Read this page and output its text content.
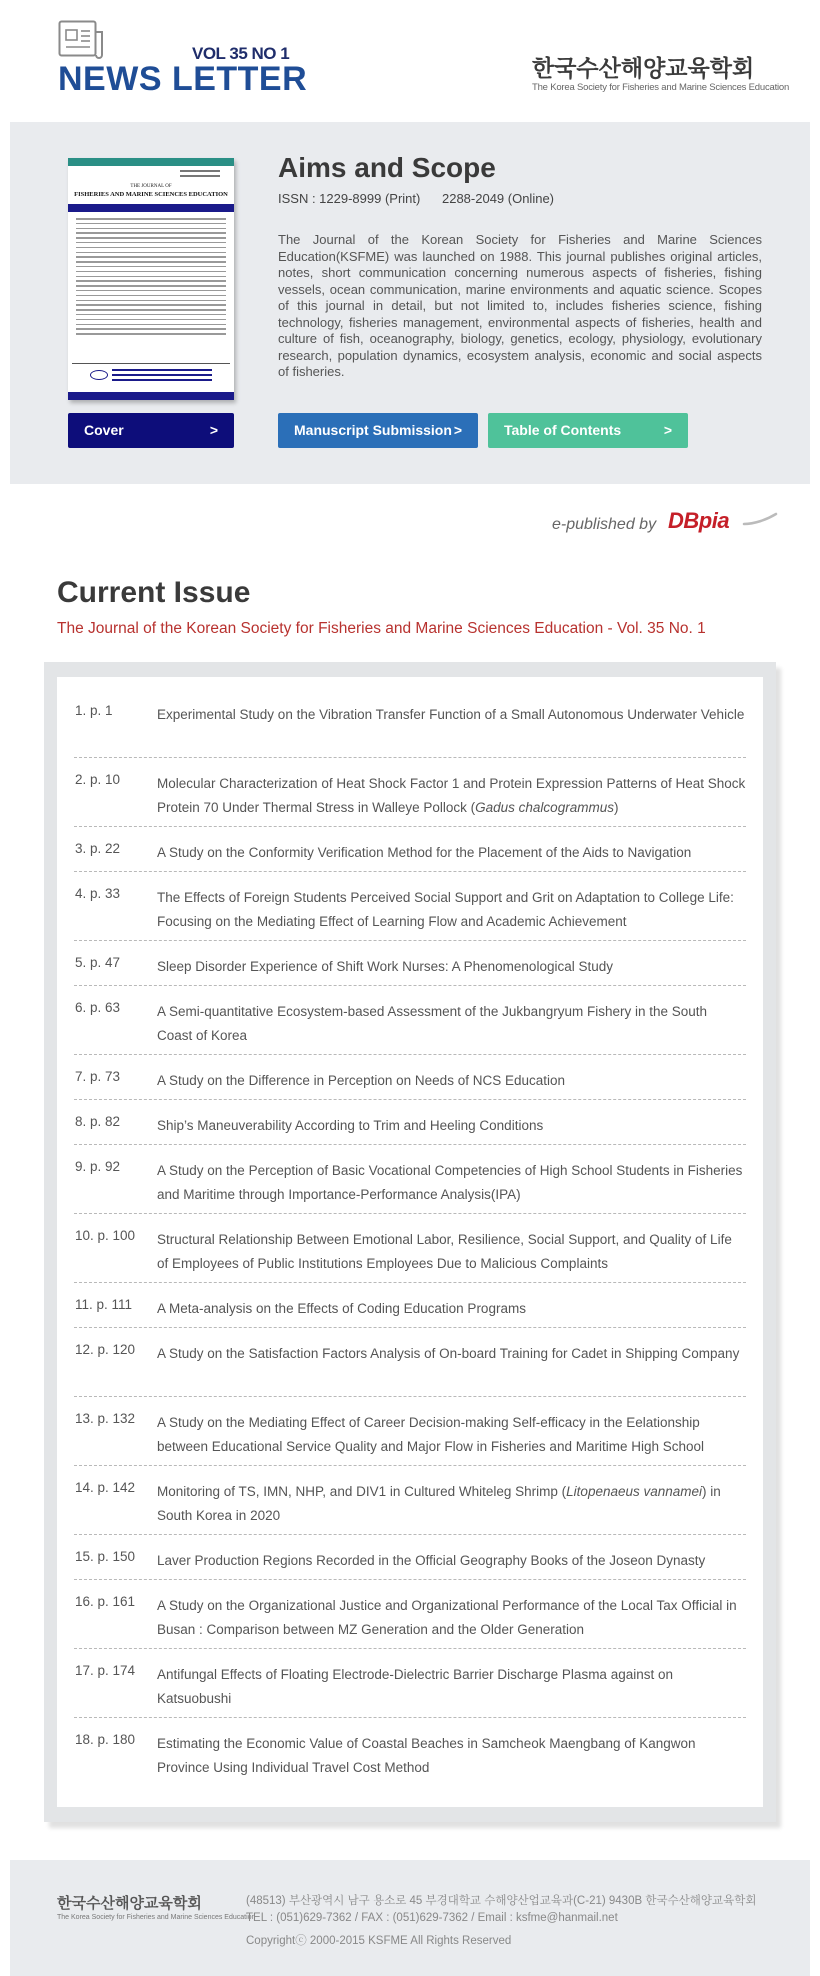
VOL 35 NO 1
NEWS LETTER	한국수산해양교육학회
The Korea Society for Fisheries and Marine Sciences Education
THE JOURNAL OF
FISHERIES AND MARINE SCIENCES EDUCATION
Cover	>
Aims and Scope
ISSN : 1229-8999 (Print) 2288-2049 (Online)
The Journal of the Korean Society for Fisheries and Marine Sciences Education(KSFME) was launched on 1988. This journal publishes original articles, notes, short communication concerning numerous aspects of fisheries, fishing vessels, ocean communication, marine environments and aquatic science. Scopes of this journal in detail, but not limited to, includes fisheries science, fishing technology, fisheries management, environmental aspects of fisheries, health and culture of fish, oceanography, biology, genetics, ecology, physiology, evolutionary research, population dynamics, ecosystem analysis, economic and social aspects of fisheries.
Manuscript Submission >	Table of Contents	>
e-published by DBpia
Current Issue
The Journal of the Korean Society for Fisheries and Marine Sciences Education - Vol. 35 No. 1
1. p. 1	Experimental Study on the Vibration Transfer Function of a Small Autonomous Underwater Vehicle
2. p. 10	Molecular Characterization of Heat Shock Factor 1 and Protein Expression Patterns of Heat Shock Protein 70 Under Thermal Stress in Walleye Pollock (Gadus chalcogrammus)
3. p. 22	A Study on the Conformity Verification Method for the Placement of the Aids to Navigation
4. p. 33	The Effects of Foreign Students Perceived Social Support and Grit on Adaptation to College Life: Focusing on the Mediating Effect of Learning Flow and Academic Achievement
5. p. 47	Sleep Disorder Experience of Shift Work Nurses: A Phenomenological Study
6. p. 63	A Semi-quantitative Ecosystem-based Assessment of the Jukbangryum Fishery in the South Coast of Korea
7. p. 73	A Study on the Difference in Perception on Needs of NCS Education
8. p. 82	Ship’s Maneuverability According to Trim and Heeling Conditions
9. p. 92	A Study on the Perception of Basic Vocational Competencies of High School Students in Fisheries and Maritime through Importance-Performance Analysis(IPA)
10. p. 100 Structural Relationship Between Emotional Labor, Resilience, Social Support, and Quality of Life of Employees of Public Institutions Employees Due to Malicious Complaints
11. p. 111 A Meta-analysis on the Effects of Coding Education Programs
12. p. 120 A Study on the Satisfaction Factors Analysis of On-board Training for Cadet in Shipping Company
13. p. 132 A Study on the Mediating Effect of Career Decision-making Self-efficacy in the Eelationship between Educational Service Quality and Major Flow in Fisheries and Maritime High School
14. p. 142 Monitoring of TS, IMN, NHP, and DIV1 in Cultured Whiteleg Shrimp (Litopenaeus vannamei) in South Korea in 2020
15. p. 150 Laver Production Regions Recorded in the Official Geography Books of the Joseon Dynasty
16. p. 161 A Study on the Organizational Justice and Organizational Performance of the Local Tax Official in Busan : Comparison between MZ Generation and the Older Generation
17. p. 174 Antifungal Effects of Floating Electrode-Dielectric Barrier Discharge Plasma against on Katsuobushi
18. p. 180 Estimating the Economic Value of Coastal Beaches in Samcheok Maengbang of Kangwon Province Using Individual Travel Cost Method
한국수산해양교육학회
The Korea Society for Fisheries and Marine Sciences Education
(48513) 부산광역시 남구 용소로 45 부경대학교 수해양산업교육과(C-21) 9430B 한국수산해양교육학회
TEL : (051)629-7362 / FAX : (051)629-7362 / Email : ksfme@hanmail.net
Copyrightⓒ 2000-2015 KSFME All Rights Reserved
